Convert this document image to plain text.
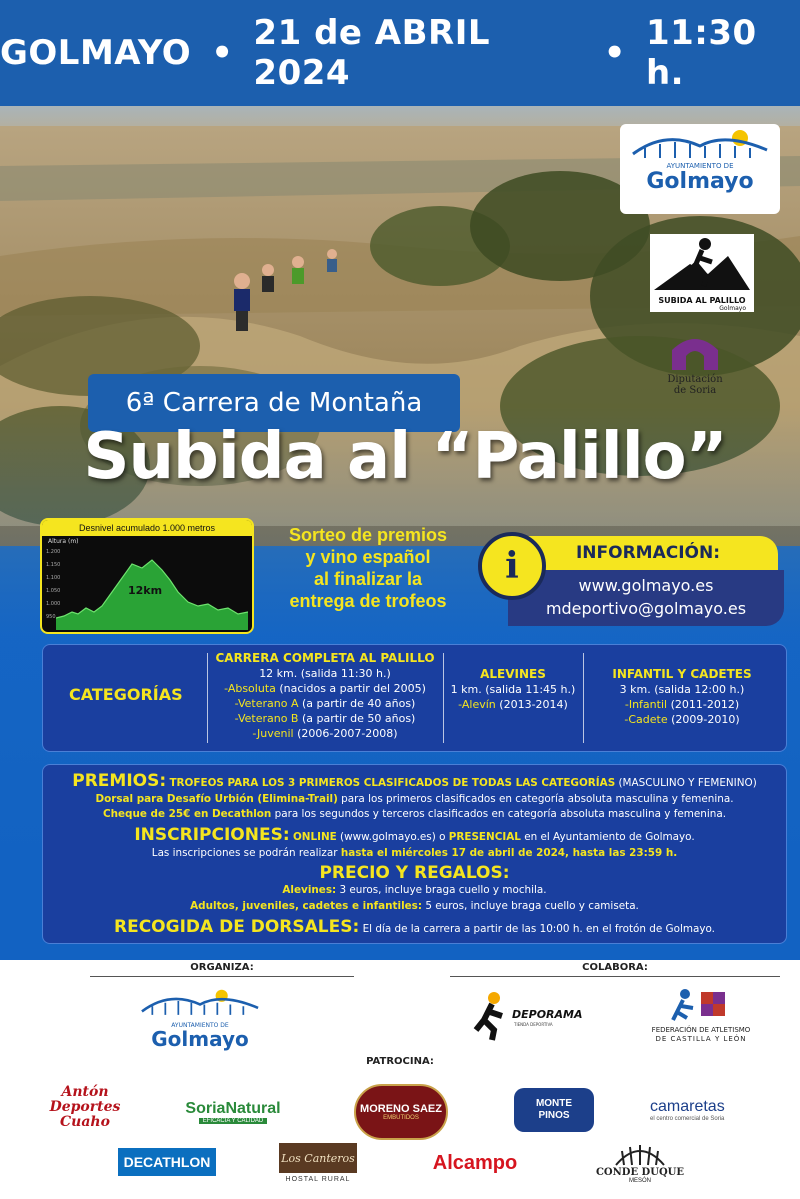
GOLMAYO • 21 de ABRIL 2024	• 11:30 h.
AYUNTAMIENTO DE
Golmayo
SUBIDA AL PALILLO
Golmayo
Diputación de Soria
6ª Carrera de Montaña
Subida al “Palillo”
Desnivel acumulado 1.000 metros
Altura (m)
1.200
1.150
1.100
1.050
1.000
950
12km
Sorteo de premios
y vino español
al finalizar la
entrega de trofeos
INFORMACIÓN:
www.golmayo.es
mdeportivo@golmayo.es
i
CATEGORÍAS
CARRERA COMPLETA AL PALILLO
12 km. (salida 11:30 h.)
-Absoluta (nacidos a partir del 2005)
-Veterano A (a partir de 40 años)
-Veterano B (a partir de 50 años)
-Juvenil (2006-2007-2008)
ALEVINES
1 km. (salida 11:45 h.)
-Alevín (2013-2014)
INFANTIL Y CADETES
3 km. (salida 12:00 h.)
-Infantil (2011-2012)
-Cadete (2009-2010)
PREMIOS: TROFEOS PARA LOS 3 PRIMEROS CLASIFICADOS DE TODAS LAS CATEGORÍAS (MASCULINO Y FEMENINO)
Dorsal para Desafío Urbión (Elimina-Trail) para los primeros clasificados en categoría absoluta masculina y femenina.
Cheque de 25€ en Decathlon para los segundos y terceros clasificados en categoría absoluta masculina y femenina.
INSCRIPCIONES: ONLINE (www.golmayo.es) o PRESENCIAL en el Ayuntamiento de Golmayo.
Las inscripciones se podrán realizar hasta el miércoles 17 de abril de 2024, hasta las 23:59 h.
PRECIO Y REGALOS:
Alevines: 3 euros, incluye braga cuello y mochila.
Adultos, juveniles, cadetes e infantiles: 5 euros, incluye braga cuello y camiseta.
RECOGIDA DE DORSALES: El día de la carrera a partir de las 10:00 h. en el frotón de Golmayo.
ORGANIZA:	COLABORA:
AYUNTAMIENTO DE
Golmayo
DEPORAMA
TIENDA DEPORTIVA
FEDERACIÓN DE ATLETISMO
DE CASTILLA Y LEÓN
PATROCINA:
Antón Deportes Cuaho
SoriaNatural
EFICACIA Y CALIDAD
MORENO SAEZ
EMBUTIDOS
MONTE PINOS
camaretas
el centro comercial de Soria
DECATHLON	Los Canteros
HOSTAL RURAL
Alcampo	CONDE DUQUE
MESÓN
